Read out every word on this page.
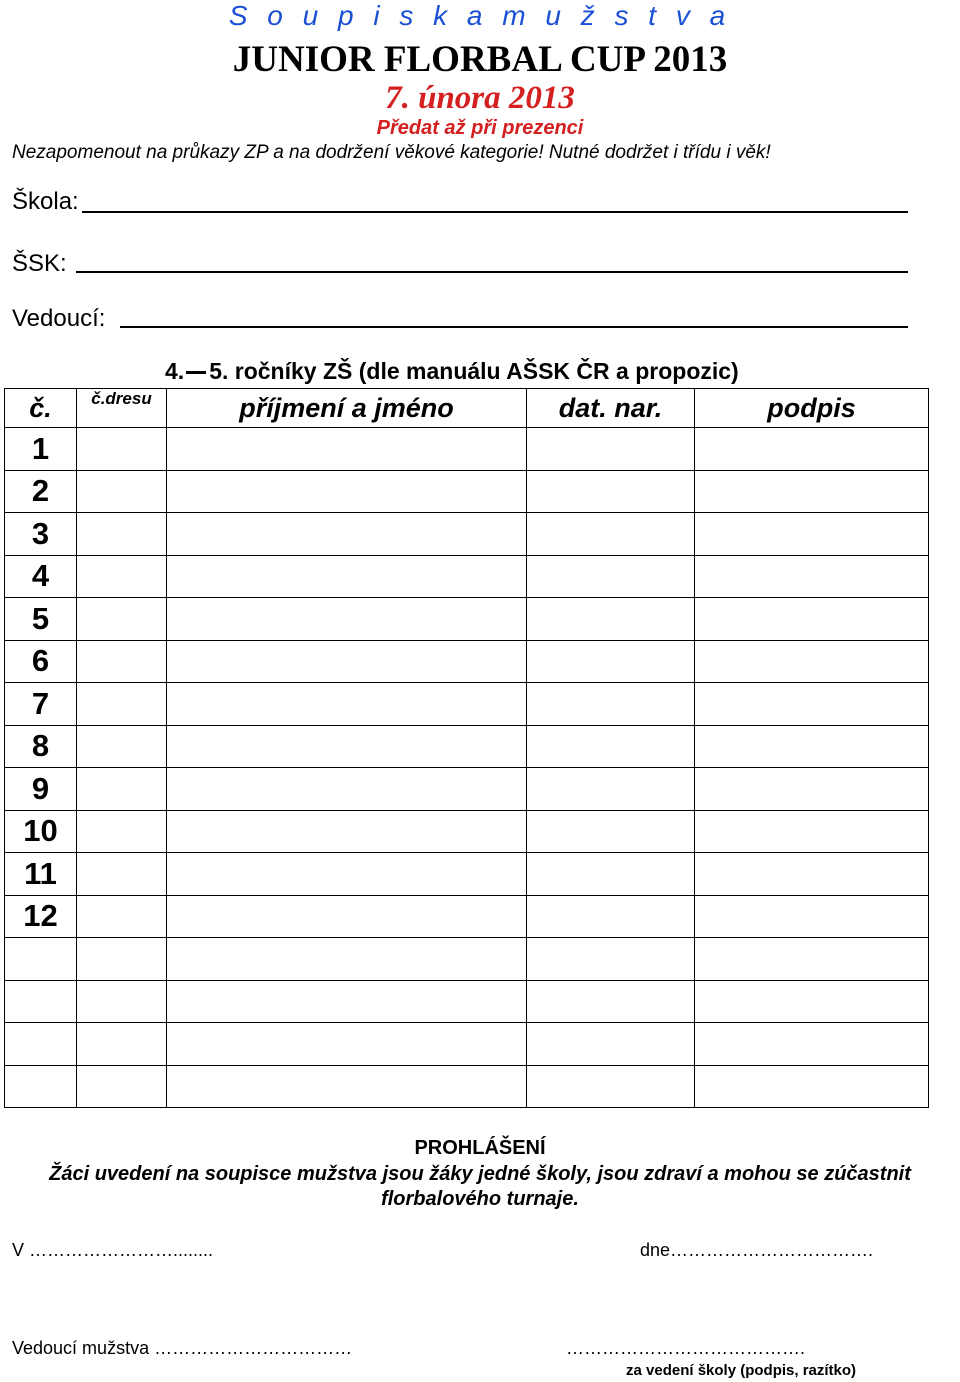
S o u p i s k a m u ž s t v a
JUNIOR FLORBAL CUP 2013
7. února 2013
Předat až při prezenci
Nezapomenout na průkazy ZP a na dodržení věkové kategorie! Nutné dodržet i třídu i věk!
Škola:
ŠSK:
Vedoucí:
4. 5. ročníky ZŠ (dle manuálu AŠSK ČR a propozic)
č.	č.dresu	příjmení a jméno	dat. nar.	podpis
1				
2				
3				
4				
5				
6				
7				
8				
9				
10				
11				
12				

PROHLÁŠENÍ
Žáci uvedení na soupisce mužstva jsou žáky jedné školy, jsou zdraví a mohou se zúčastnit
florbalového turnaje.
V ……………………........	dne…………………………….
Vedoucí mužstva ……………………………	………………………………….
za vedení školy (podpis, razítko)
